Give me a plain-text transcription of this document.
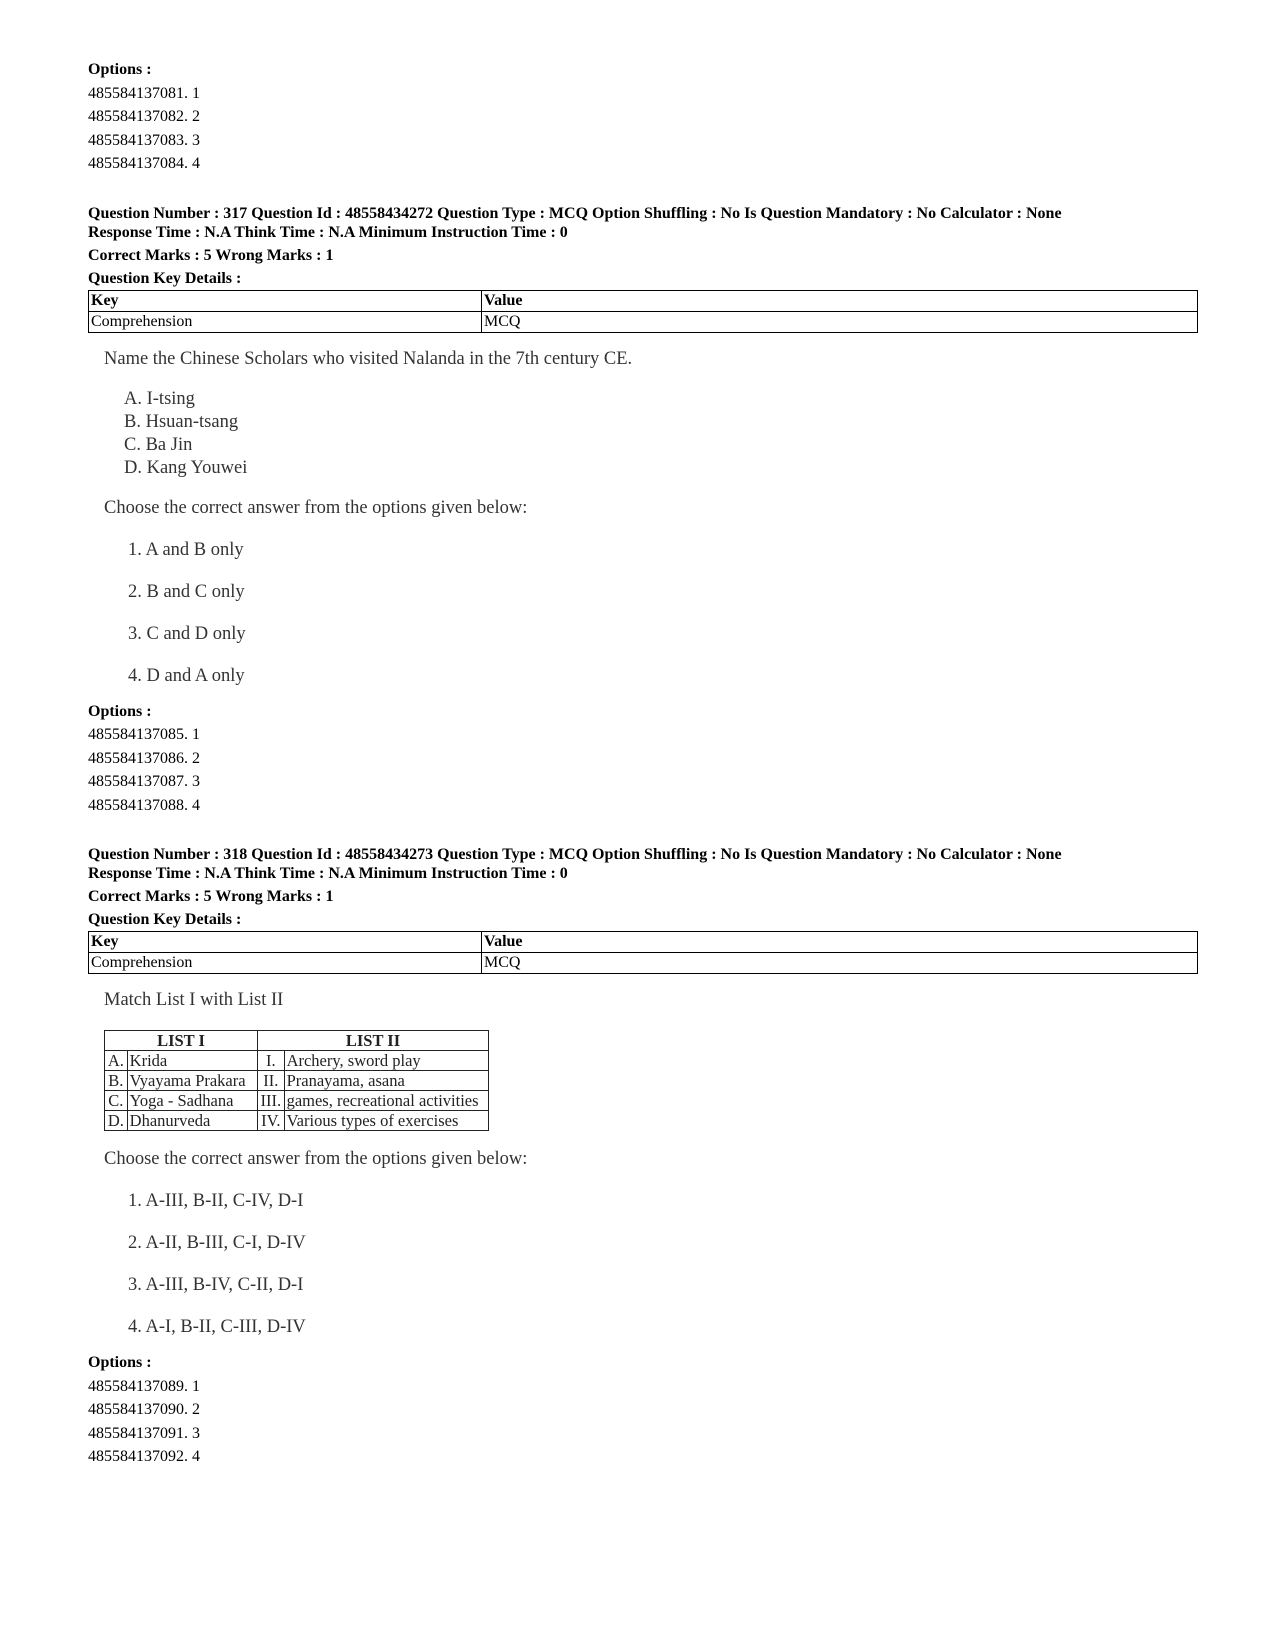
Options :
485584137081. 1
485584137082. 2
485584137083. 3
485584137084. 4
Question Number : 317 Question Id : 48558434272 Question Type : MCQ Option Shuffling : No Is Question Mandatory : No Calculator : None
Response Time : N.A Think Time : N.A Minimum Instruction Time : 0
Correct Marks : 5 Wrong Marks : 1
Question Key Details :
Key	Value
Comprehension	MCQ
Name the Chinese Scholars who visited Nalanda in the 7th century CE.
A. I-tsing
B. Hsuan-tsang
C. Ba Jin
D. Kang Youwei
Choose the correct answer from the options given below:
1. A and B only
2. B and C only
3. C and D only
4. D and A only
Options :
485584137085. 1
485584137086. 2
485584137087. 3
485584137088. 4
Question Number : 318 Question Id : 48558434273 Question Type : MCQ Option Shuffling : No Is Question Mandatory : No Calculator : None
Response Time : N.A Think Time : N.A Minimum Instruction Time : 0
Correct Marks : 5 Wrong Marks : 1
Question Key Details :
Key	Value
Comprehension	MCQ
Match List I with List II
LIST I		LIST II	
A.	Krida	I.	Archery, sword play
B.	Vyayama Prakara	II.	Pranayama, asana
C.	Yoga - Sadhana	III.	games, recreational activities
D.	Dhanurveda	IV.	Various types of exercises
Choose the correct answer from the options given below:
1. A-III, B-II, C-IV, D-I
2. A-II, B-III, C-I, D-IV
3. A-III, B-IV, C-II, D-I
4. A-I, B-II, C-III, D-IV
Options :
485584137089. 1
485584137090. 2
485584137091. 3
485584137092. 4
